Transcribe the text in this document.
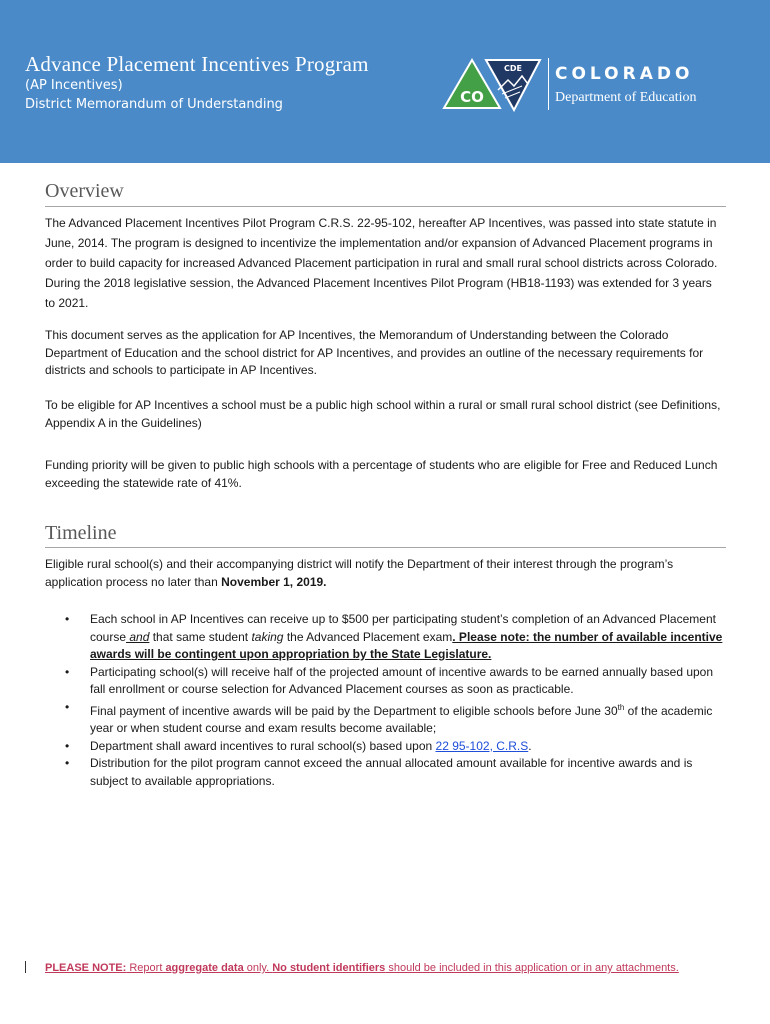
Advance Placement Incentives Program
(AP Incentives)
District Memorandum of Understanding	CO
CDE COLORADO
Department of Education
Overview

The Advanced Placement Incentives Pilot Program C.R.S. 22-95-102, hereafter AP Incentives, was passed into state statute in June, 2014. The program is designed to incentivize the implementation and/or expansion of Advanced Placement programs in order to build capacity for increased Advanced Placement participation in rural and small rural school districts across Colorado. During the 2018 legislative session, the Advanced Placement Incentives Pilot Program (HB18-1193) was extended for 3 years to 2021.

This document serves as the application for AP Incentives, the Memorandum of Understanding between the Colorado Department of Education and the school district for AP Incentives, and provides an outline of the necessary requirements for districts and schools to participate in AP Incentives.

To be eligible for AP Incentives a school must be a public high school within a rural or small rural school district (see Definitions, Appendix A in the Guidelines)

Funding priority will be given to public high schools with a percentage of students who are eligible for Free and Reduced Lunch exceeding the statewide rate of 41%.

Timeline

Eligible rural school(s) and their accompanying district will notify the Department of their interest through the program’s application process no later than November 1, 2019.

• Each school in AP Incentives can receive up to $500 per participating student’s completion of an Advanced Placement course and that same student taking the Advanced Placement exam. Please note: the number of available incentive awards will be contingent upon appropriation by the State Legislature.
• Participating school(s) will receive half of the projected amount of incentive awards to be earned annually based upon fall enrollment or course selection for Advanced Placement courses as soon as practicable.
• Final payment of incentive awards will be paid by the Department to eligible schools before June 30th of the academic year or when student course and exam results become available;
• Department shall award incentives to rural school(s) based upon 22 95-102, C.R.S.
• Distribution for the pilot program cannot exceed the annual allocated amount available for incentive awards and is subject to available appropriations.
PLEASE NOTE: Report aggregate data only. No student identifiers should be included in this application or in any attachments.
